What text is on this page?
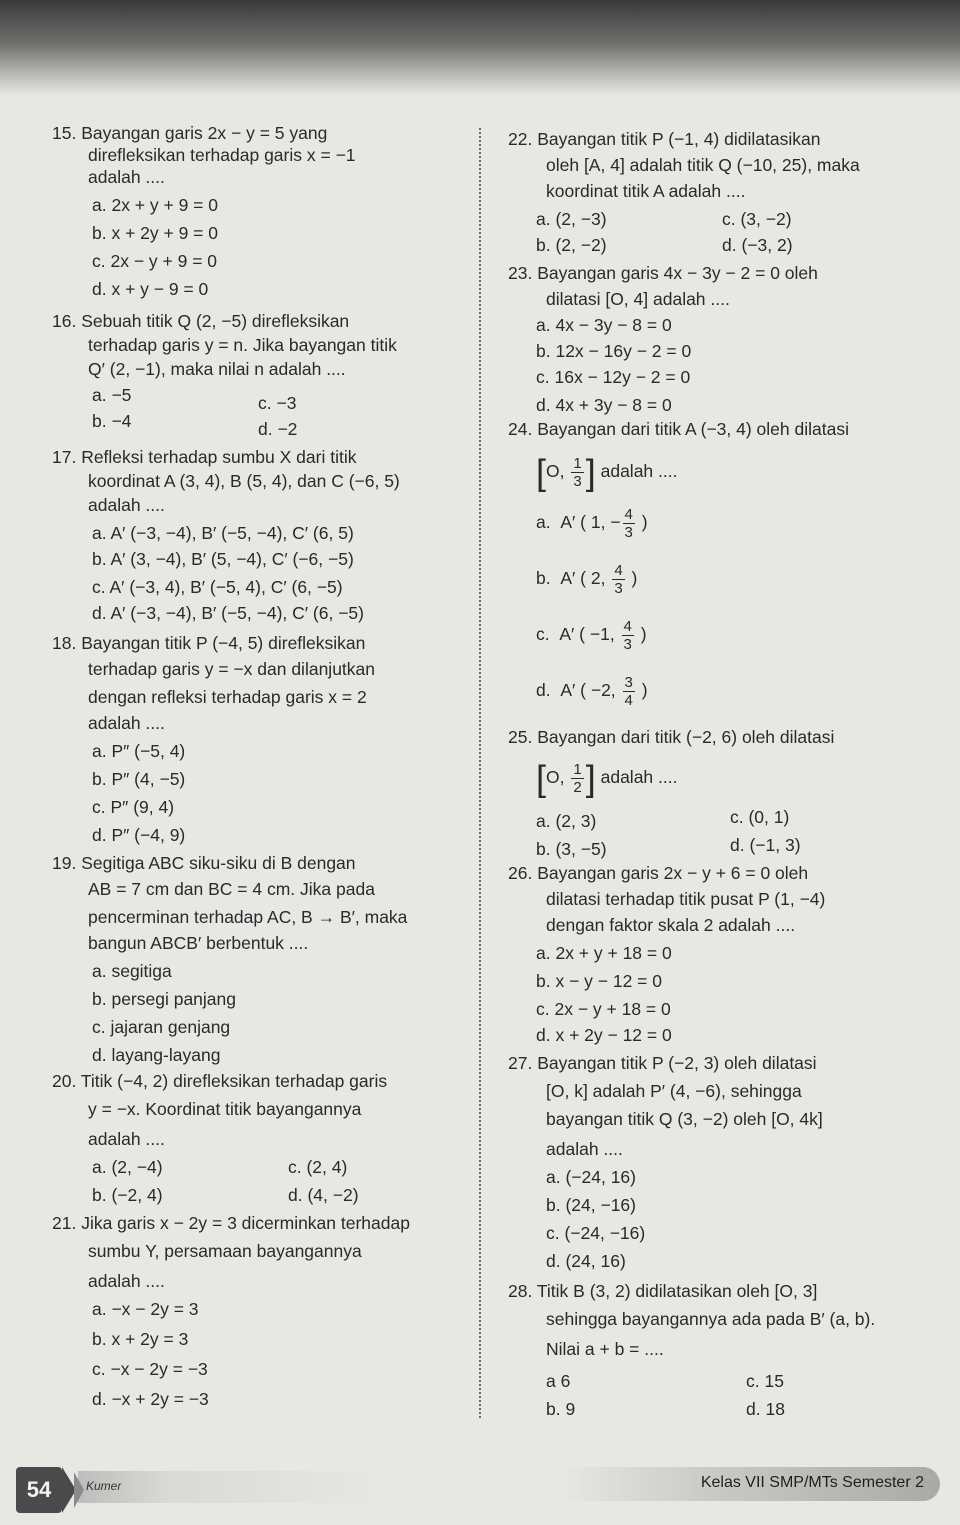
15. Bayangan garis 2x − y = 5 yang
direfleksikan terhadap garis x = −1
adalah ....
a. 2x + y + 9 = 0
b. x + 2y + 9 = 0
c. 2x − y + 9 = 0
d. x + y − 9 = 0
16. Sebuah titik Q (2, −5) direfleksikan
terhadap garis y = n. Jika bayangan titik
Q′ (2, −1), maka nilai n adalah ....
a. −5
b. −4
c. −3
d. −2
17. Refleksi terhadap sumbu X dari titik
koordinat A (3, 4), B (5, 4), dan C (−6, 5)
adalah ....
a. A′ (−3, −4), B′ (−5, −4), C′ (6, 5)
b. A′ (3, −4), B′ (5, −4), C′ (−6, −5)
c. A′ (−3, 4), B′ (−5, 4), C′ (6, −5)
d. A′ (−3, −4), B′ (−5, −4), C′ (6, −5)
18. Bayangan titik P (−4, 5) direfleksikan
terhadap garis y = −x dan dilanjutkan
dengan refleksi terhadap garis x = 2
adalah ....
a. P″ (−5, 4)
b. P″ (4, −5)
c. P″ (9, 4)
d. P″ (−4, 9)
19. Segitiga ABC siku-siku di B dengan
AB = 7 cm dan BC = 4 cm. Jika pada
pencerminan terhadap AC, B → B′, maka
bangun ABCB′ berbentuk ....
a. segitiga
b. persegi panjang
c. jajaran genjang
d. layang-layang
20. Titik (−4, 2) direfleksikan terhadap garis
y = −x. Koordinat titik bayangannya
adalah ....
a. (2, −4)
b. (−2, 4)
c. (2, 4)
d. (4, −2)
21. Jika garis x − 2y = 3 dicerminkan terhadap
sumbu Y, persamaan bayangannya
adalah ....
a. −x − 2y = 3
b. x + 2y = 3
c. −x − 2y = −3
d. −x + 2y = −3
22. Bayangan titik P (−1, 4) didilatasikan
oleh [A, 4] adalah titik Q (−10, 25), maka
koordinat titik A adalah ....
a. (2, −3)
b. (2, −2)
c. (3, −2)
d. (−3, 2)
23. Bayangan garis 4x − 3y − 2 = 0 oleh
dilatasi [O, 4] adalah ....
a. 4x − 3y − 8 = 0
b. 12x − 16y − 2 = 0
c. 16x − 12y − 2 = 0
d. 4x + 3y − 8 = 0
24. Bayangan dari titik A (−3, 4) oleh dilatasi
[O, $\frac{1}{3}$ ] adalah ....
a. A′ ( 1, − $\frac{4}{3}$ )
b. A′ ( 2, $\frac{4}{3}$ )
c. A′ ( −1, $\frac{4}{3}$ )
d. A′ ( −2, $\frac{3}{4}$ )
25. Bayangan dari titik (−2, 6) oleh dilatasi
[O, $\frac{1}{2}$ ] adalah ....
a. (2, 3)
b. (3, −5)
c. (0, 1)
d. (−1, 3)
26. Bayangan garis 2x − y + 6 = 0 oleh
dilatasi terhadap titik pusat P (1, −4)
dengan faktor skala 2 adalah ....
a. 2x + y + 18 = 0
b. x − y − 12 = 0
c. 2x − y + 18 = 0
d. x + 2y − 12 = 0
27. Bayangan titik P (−2, 3) oleh dilatasi
[O, k] adalah P′ (4, −6), sehingga
bayangan titik Q (3, −2) oleh [O, 4k]
adalah ....
a. (−24, 16)
b. (24, −16)
c. (−24, −16)
d. (24, 16)
28. Titik B (3, 2) didilatasikan oleh [O, 3]
sehingga bayangannya ada pada B′ (a, b).
Nilai a + b = ....
a 6
b. 9
c. 15
d. 18
Kumer
54	Kelas VII SMP/MTs Semester 2
